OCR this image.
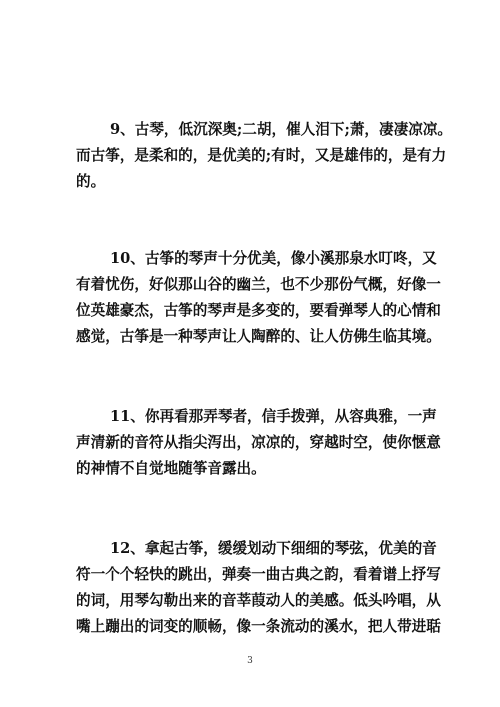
9、古琴，低沉深奥;二胡，催人泪下;萧，凄凄凉凉。
而古筝，是柔和的，是优美的;有时，又是雄伟的，是有力
的。
10、古筝的琴声十分优美，像小溪那泉水叮咚，又
有着忧伤，好似那山谷的幽兰，也不少那份气概，好像一
位英雄豪杰，古筝的琴声是多变的，要看弹琴人的心情和
感觉，古筝是一种琴声让人陶醉的、让人仿佛生临其境。
11、你再看那弄琴者，信手拨弹，从容典雅，一声
声清新的音符从指尖泻出，凉凉的，穿越时空，使你惬意
的神情不自觉地随筝音露出。
12、拿起古筝，缓缓划动下细细的琴弦，优美的音
符一个个轻快的跳出，弹奏一曲古典之韵，看着谱上抒写
的词，用琴勾勒出来的音莘葭动人的美感。低头吟唱，从
嘴上蹦出的词变的顺畅，像一条流动的溪水，把人带进聒
3
